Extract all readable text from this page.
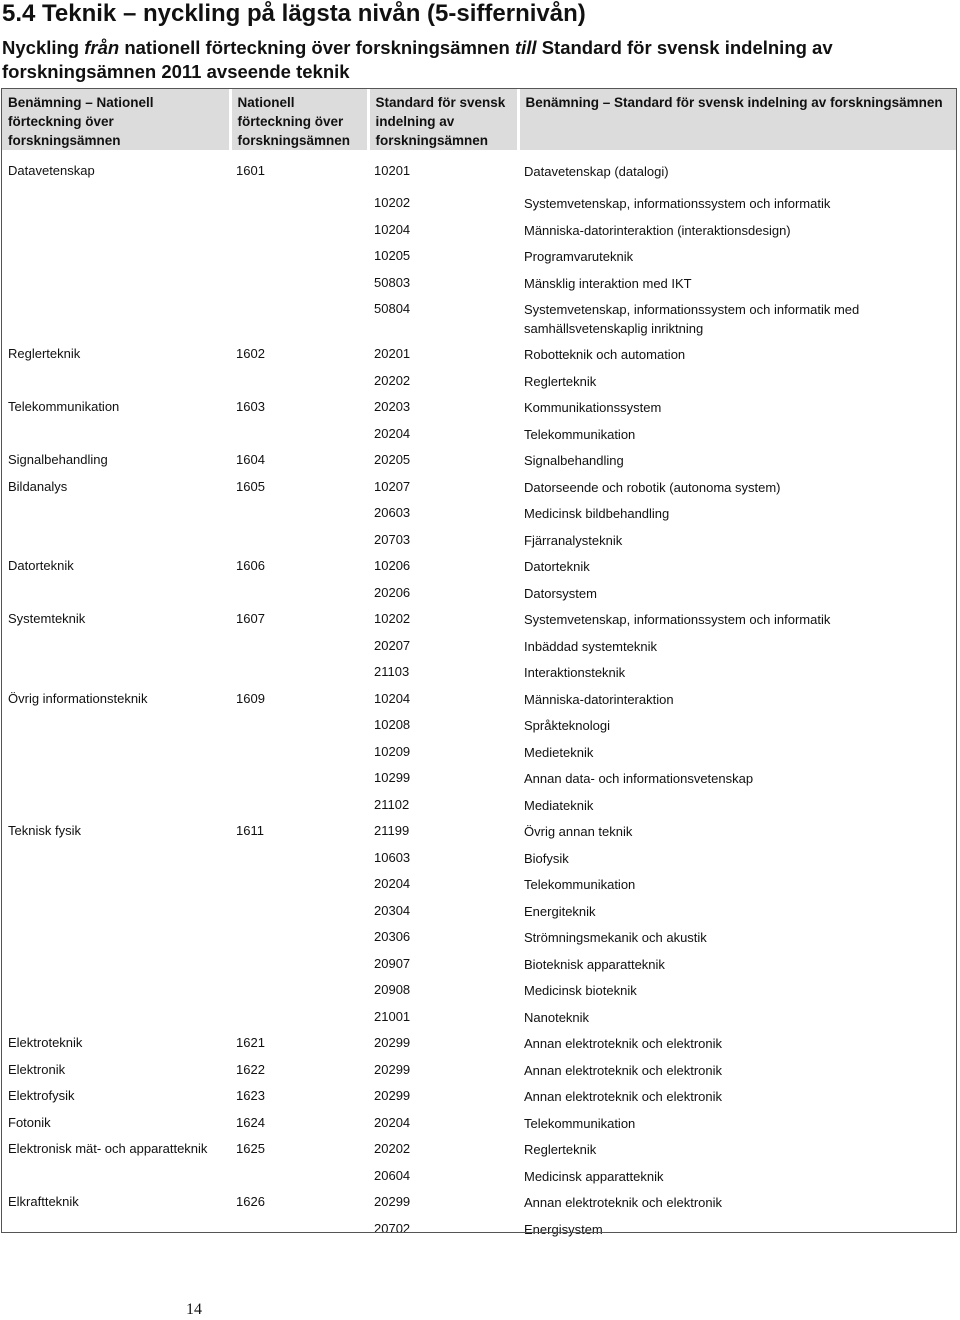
5.4 Teknik – nyckling på lägsta nivån (5-siffernivån)
Nyckling från nationell förteckning över forskningsämnen till Standard för svensk indelning av forskningsämnen 2011 avseende teknik
Benämning – Nationell förteckning över forskningsämnen	Nationell förteckning över forskningsämnen	Standard för svensk indelning av forskningsämnen	Benämning – Standard för svensk indelning av forskningsämnen
Datavetenskap	1601	10201	Datavetenskap (datalogi)
		10202	Systemvetenskap, informationssystem och informatik
		10204	Människa-datorinteraktion (interaktionsdesign)
		10205	Programvaruteknik
		50803	Mänsklig interaktion med IKT
		50804	Systemvetenskap, informationssystem och informatik med samhällsvetenskaplig inriktning
Reglerteknik	1602	20201	Robotteknik och automation
		20202	Reglerteknik
Telekommunikation	1603	20203	Kommunikationssystem
		20204	Telekommunikation
Signalbehandling	1604	20205	Signalbehandling
Bildanalys	1605	10207	Datorseende och robotik (autonoma system)
		20603	Medicinsk bildbehandling
		20703	Fjärranalysteknik
Datorteknik	1606	10206	Datorteknik
		20206	Datorsystem
Systemteknik	1607	10202	Systemvetenskap, informationssystem och informatik
		20207	Inbäddad systemteknik
		21103	Interaktionsteknik
Övrig informationsteknik	1609	10204	Människa-datorinteraktion
		10208	Språkteknologi
		10209	Medieteknik
		10299	Annan data- och informationsvetenskap
		21102	Mediateknik
Teknisk fysik	1611	21199	Övrig annan teknik
		10603	Biofysik
		20204	Telekommunikation
		20304	Energiteknik
		20306	Strömningsmekanik och akustik
		20907	Bioteknisk apparatteknik
		20908	Medicinsk bioteknik
		21001	Nanoteknik
Elektroteknik	1621	20299	Annan elektroteknik och elektronik
Elektronik	1622	20299	Annan elektroteknik och elektronik
Elektrofysik	1623	20299	Annan elektroteknik och elektronik
Fotonik	1624	20204	Telekommunikation
Elektronisk mät- och apparatteknik	1625	20202	Reglerteknik
		20604	Medicinsk apparatteknik
Elkraftteknik	1626	20299	Annan elektroteknik och elektronik
		20702	Energisystem
14
